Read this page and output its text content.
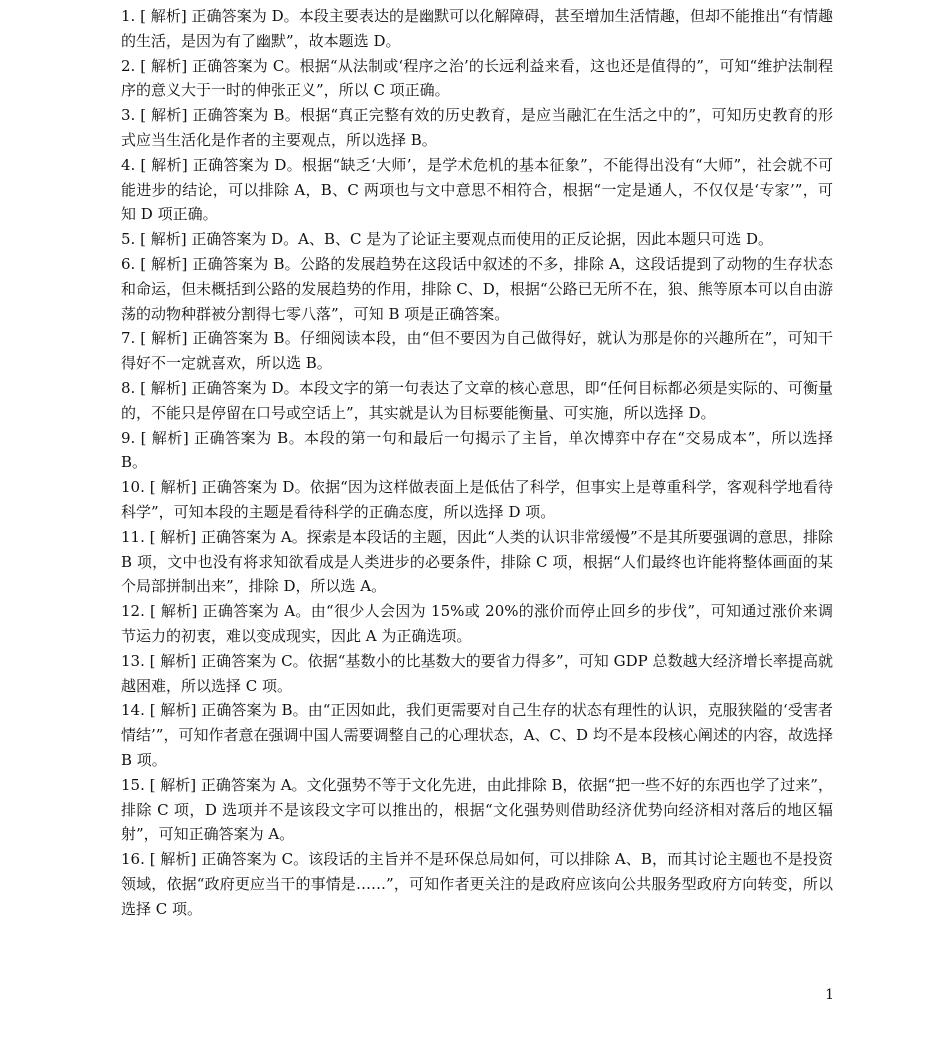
1. [ 解析] 正确答案为 D。本段主要表达的是幽默可以化解障碍，甚至增加生活情趣，但却不能推出“有情趣的生活，是因为有了幽默”，故本题选 D。

2. [ 解析] 正确答案为 C。根据“从法制或‘程序之治’的长远利益来看，这也还是值得的”，可知“维护法制程序的意义大于一时的伸张正义”，所以 C 项正确。

3. [ 解析] 正确答案为 B。根据“真正完整有效的历史教育，是应当融汇在生活之中的”，可知历史教育的形式应当生活化是作者的主要观点，所以选择 B。

4. [ 解析] 正确答案为 D。根据“缺乏‘大师’，是学术危机的基本征象”，不能得出没有“大师”，社会就不可能进步的结论，可以排除 A，B、C 两项也与文中意思不相符合，根据“一定是通人，不仅仅是‘专家’”，可知 D 项正确。

5. [ 解析] 正确答案为 D。A、B、C 是为了论证主要观点而使用的正反论据，因此本题只可选 D。

6. [ 解析] 正确答案为 B。公路的发展趋势在这段话中叙述的不多，排除 A，这段话提到了动物的生存状态和命运，但未概括到公路的发展趋势的作用，排除 C、D，根据“公路已无所不在，狼、熊等原本可以自由游荡的动物种群被分割得七零八落”，可知 B 项是正确答案。

7. [ 解析] 正确答案为 B。仔细阅读本段，由“但不要因为自己做得好，就认为那是你的兴趣所在”，可知干得好不一定就喜欢，所以选 B。

8. [ 解析] 正确答案为 D。本段文字的第一句表达了文章的核心意思，即“任何目标都必须是实际的、可衡量的，不能只是停留在口号或空话上”，其实就是认为目标要能衡量、可实施，所以选择 D。

9. [ 解析] 正确答案为 B。本段的第一句和最后一句揭示了主旨，单次博弈中存在“交易成本”，所以选择 B。

10. [ 解析] 正确答案为 D。依据“因为这样做表面上是低估了科学，但事实上是尊重科学，客观科学地看待科学”，可知本段的主题是看待科学的正确态度，所以选择 D 项。

11. [ 解析] 正确答案为 A。探索是本段话的主题，因此“人类的认识非常缓慢”不是其所要强调的意思，排除 B 项，文中也没有将求知欲看成是人类进步的必要条件，排除 C 项，根据“人们最终也许能将整体画面的某个局部拼制出来”，排除 D，所以选 A。

12. [ 解析] 正确答案为 A。由“很少人会因为 15%或 20%的涨价而停止回乡的步伐”，可知通过涨价来调节运力的初衷，难以变成现实，因此 A 为正确选项。

13. [ 解析] 正确答案为 C。依据“基数小的比基数大的要省力得多”，可知 GDP 总数越大经济增长率提高就越困难，所以选择 C 项。

14. [ 解析] 正确答案为 B。由“正因如此，我们更需要对自己生存的状态有理性的认识，克服狭隘的‘受害者情结’”，可知作者意在强调中国人需要调整自己的心理状态，A、C、D 均不是本段核心阐述的内容，故选择 B 项。

15. [ 解析] 正确答案为 A。文化强势不等于文化先进，由此排除 B，依据“把一些不好的东西也学了过来”，排除 C 项，D 选项并不是该段文字可以推出的，根据“文化强势则借助经济优势向经济相对落后的地区辐射”，可知正确答案为 A。

16. [ 解析] 正确答案为 C。该段话的主旨并不是环保总局如何，可以排除 A、B，而其讨论主题也不是投资领域，依据“政府更应当干的事情是……”，可知作者更关注的是政府应该向公共服务型政府方向转变，所以选择 C 项。

1
